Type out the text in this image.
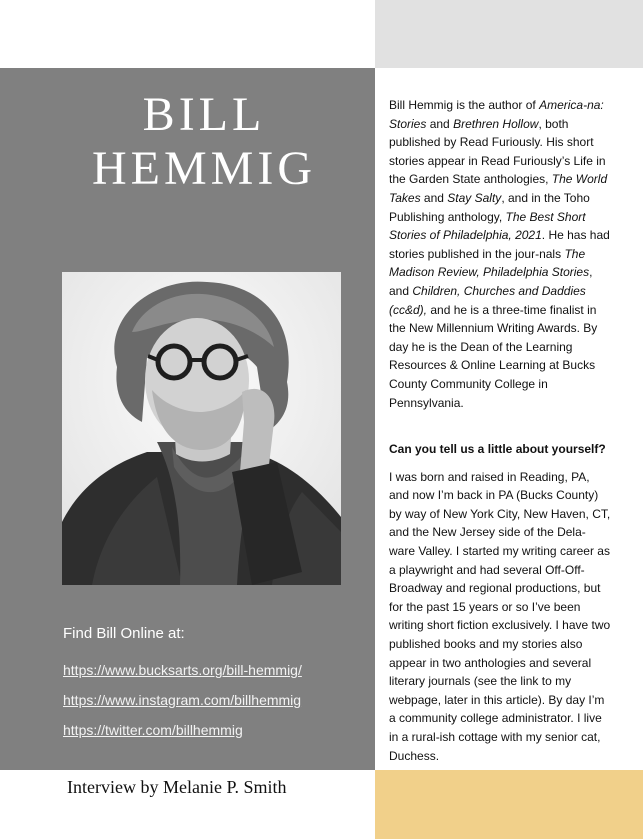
BILL
HEMMIG

Find Bill Online at:

https://www.bucksarts.org/bill-hemmig/
https://www.instagram.com/billhemmig
https://twitter.com/billhemmig

Interview by Melanie P. Smith

Bill Hemmig is the author of America-na: Stories and Brethren Hollow, both published by Read Furiously. His short stories appear in Read Furiously’s Life in the Garden State anthologies, The World Takes and Stay Salty, and in the Toho Publishing anthology, The Best Short Stories of Philadelphia, 2021. He has had stories published in the jour-nals The Madison Review, Philadelphia Stories, and Children, Churches and Daddies (cc&d), and he is a three-time finalist in the New Millennium Writing Awards. By day he is the Dean of the Learning Resources & Online Learning at Bucks County Community College in Pennsylvania.

Can you tell us a little about yourself?

I was born and raised in Reading, PA, and now I’m back in PA (Bucks County) by way of New York City, New Haven, CT, and the New Jersey side of the Dela-ware Valley. I started my writing career as a playwright and had several Off-Off-Broadway and regional productions, but for the past 15 years or so I’ve been writing short fiction exclusively. I have two published books and my stories also appear in two anthologies and several literary journals (see the link to my webpage, later in this article). By day I’m a community college administrator. I live in a rural-ish cottage with my senior cat, Duchess.
